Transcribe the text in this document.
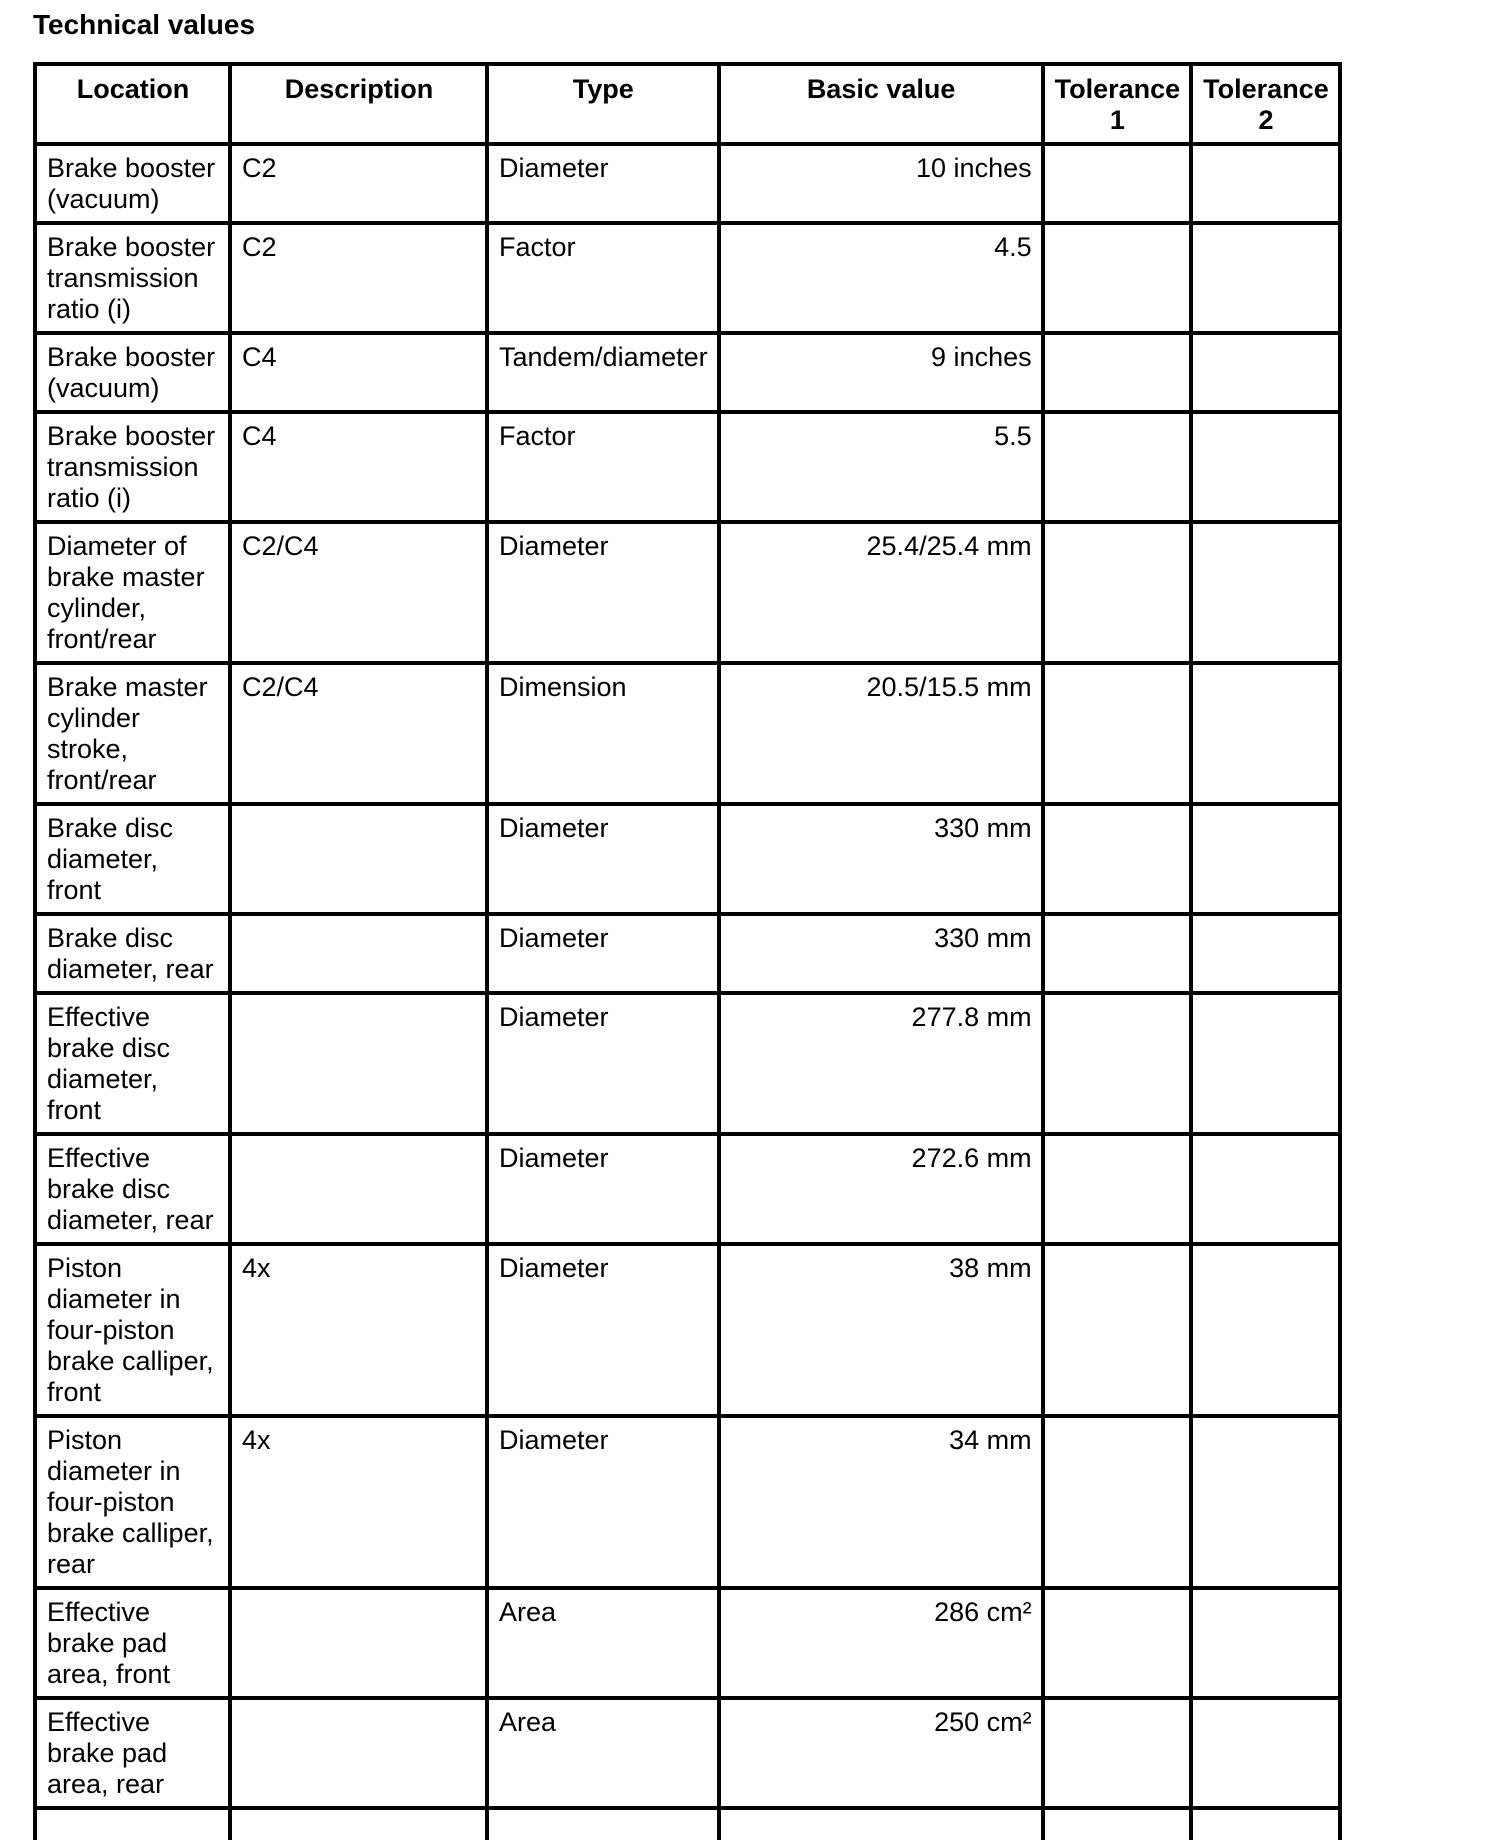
Technical values
Location	Description	Type	Basic value	Tolerance 1	Tolerance 2
Brake booster (vacuum)	C2	Diameter	10 inches		
Brake booster transmission ratio (i)	C2	Factor	4.5		
Brake booster (vacuum)	C4	Tandem/diameter	9 inches		
Brake booster transmission ratio (i)	C4	Factor	5.5		
Diameter of brake master cylinder, front/rear	C2/C4	Diameter	25.4/25.4 mm		
Brake master cylinder stroke, front/rear	C2/C4	Dimension	20.5/15.5 mm		
Brake disc diameter, front		Diameter	330 mm		
Brake disc diameter, rear		Diameter	330 mm		
Effective brake disc diameter, front		Diameter	277.8 mm		
Effective brake disc diameter, rear		Diameter	272.6 mm		
Piston diameter in four-piston brake calliper, front	4x	Diameter	38 mm		
Piston diameter in four-piston brake calliper, rear	4x	Diameter	34 mm		
Effective brake pad area, front		Area	286 cm²		
Effective brake pad area, rear		Area	250 cm²		
